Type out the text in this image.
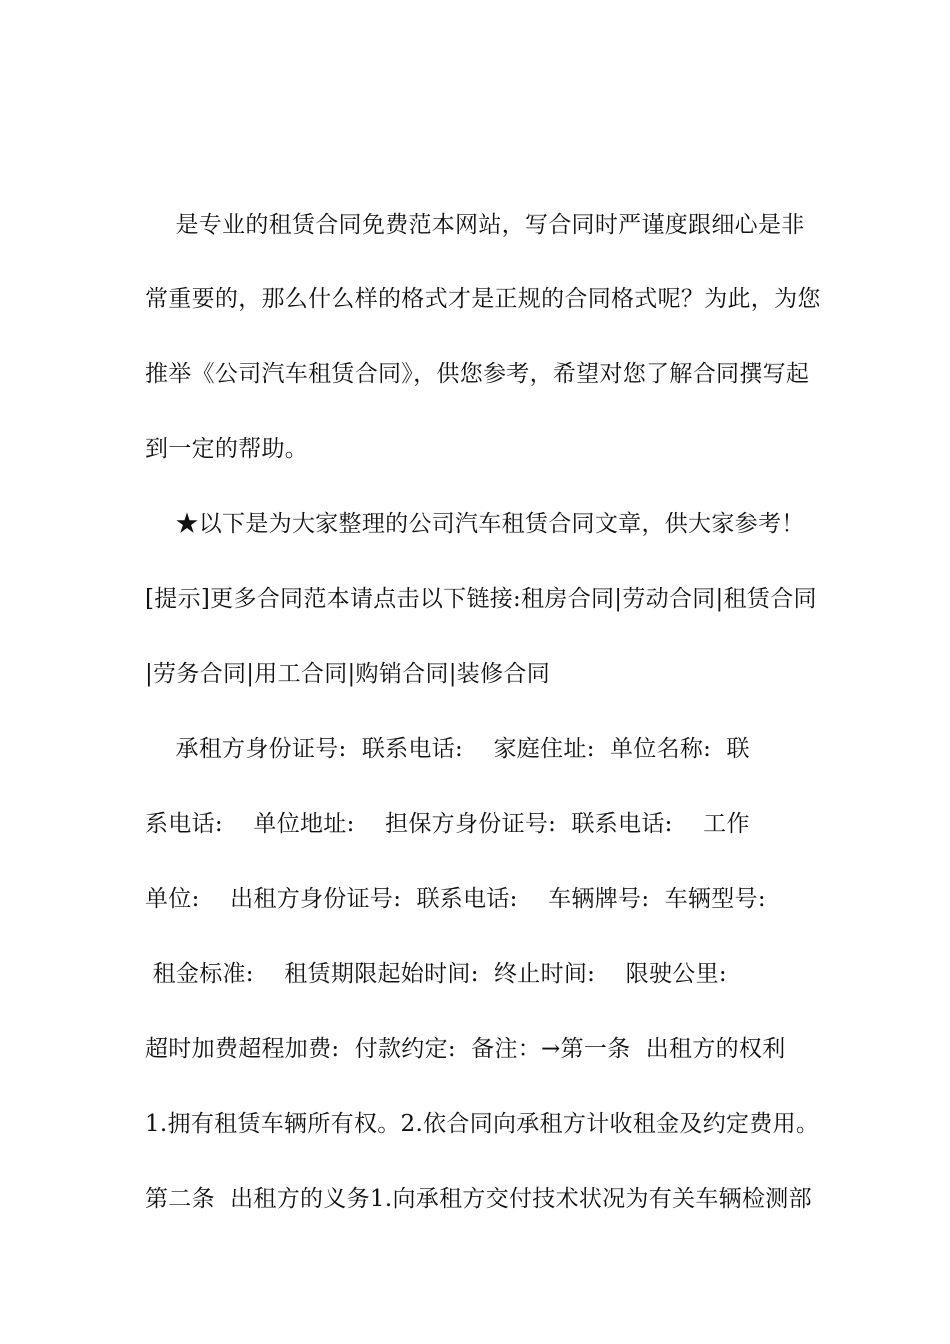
是专业的租赁合同免费范本网站，写合同时严谨度跟细心是非
常重要的，那么什么样的格式才是正规的合同格式呢？为此，为您
推举《公司汽车租赁合同》，供您参考，希望对您了解合同撰写起
到一定的帮助。
★以下是为大家整理的公司汽车租赁合同文章，供大家参考！
[提示]更多合同范本请点击以下链接:租房合同|劳动合同|租赁合同
|劳务合同|用工合同|购销合同|装修合同
承租方身份证号:  联系电话:    家庭住址:  单位名称:  联
系电话:    单位地址:    担保方身份证号:  联系电话:    工作
单位:    出租方身份证号:  联系电话:    车辆牌号:  车辆型号:
租金标准:    租赁期限起始时间:  终止时间:    限驶公里:
超时加费超程加费:  付款约定:  备注：→第一条  出租方的权利
1.拥有租赁车辆所有权。2.依合同向承租方计收租金及约定费用。
第二条  出租方的义务1.向承租方交付技术状况为有关车辆检测部
